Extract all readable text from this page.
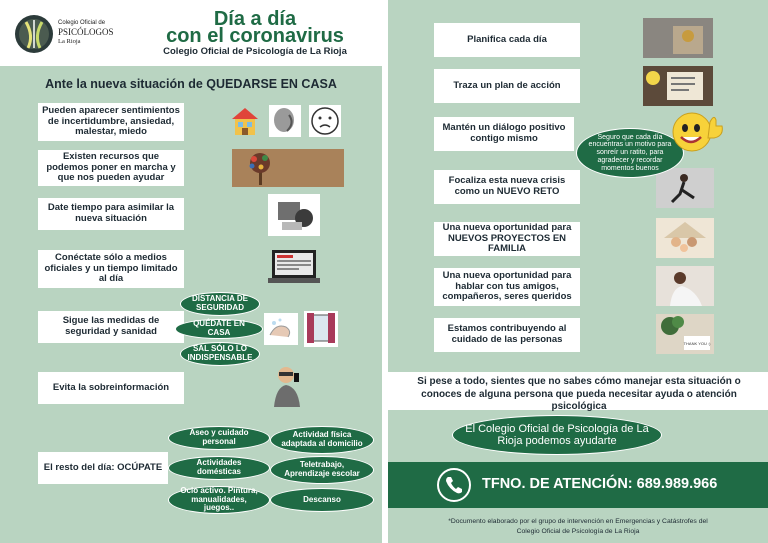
Colegio Oficial de
PSICÓLOGOS
La Rioja
Día a día
con el coronavirus
Colegio Oficial de Psicología de La Rioja
Ante la nueva situación de QUEDARSE EN CASA
Pueden aparecer sentimientos de incertidumbre, ansiedad, malestar, miedo
Existen recursos que podemos poner en marcha y que nos pueden ayudar
Date tiempo para asimilar la nueva situación
Conéctate sólo a medios oficiales y un tiempo limitado al día
Sigue las medidas de seguridad y sanidad
Evita la sobreinformación
El resto del día: OCÚPATE
DISTANCIA DE SEGURIDAD
QUÉDATE EN CASA
SAL SÓLO LO INDISPENSABLE
Aseo y cuidado personal
Actividad física adaptada al domicilio
Actividades domésticas
Teletrabajo, Aprendizaje escolar
Ocio activo. Pintura, manualidades, juegos..
Descanso
Planifica cada día
Traza un plan de acción
Mantén un diálogo positivo contigo mismo
Focaliza esta nueva crisis como un NUEVO RETO
Una nueva oportunidad para NUEVOS PROYECTOS EN FAMILIA
Una nueva oportunidad para hablar con tus amigos, compañeros, seres queridos
Estamos contribuyendo al cuidado de las personas	THANK YOU :)
Seguro que cada día encuentras un motivo para sonreír un ratito, para agradecer y recordar momentos buenos
Si pese a todo, sientes que no sabes cómo manejar esta situación o conoces de alguna persona que pueda necesitar ayuda o atención psicológica
El Colegio Oficial de Psicología de La Rioja podemos ayudarte
TFNO. DE ATENCIÓN: 689.989.966
*Documento elaborado por el grupo de intervención en Emergencias y Catástrofes del
Colegio Oficial de Psicología de La Rioja
